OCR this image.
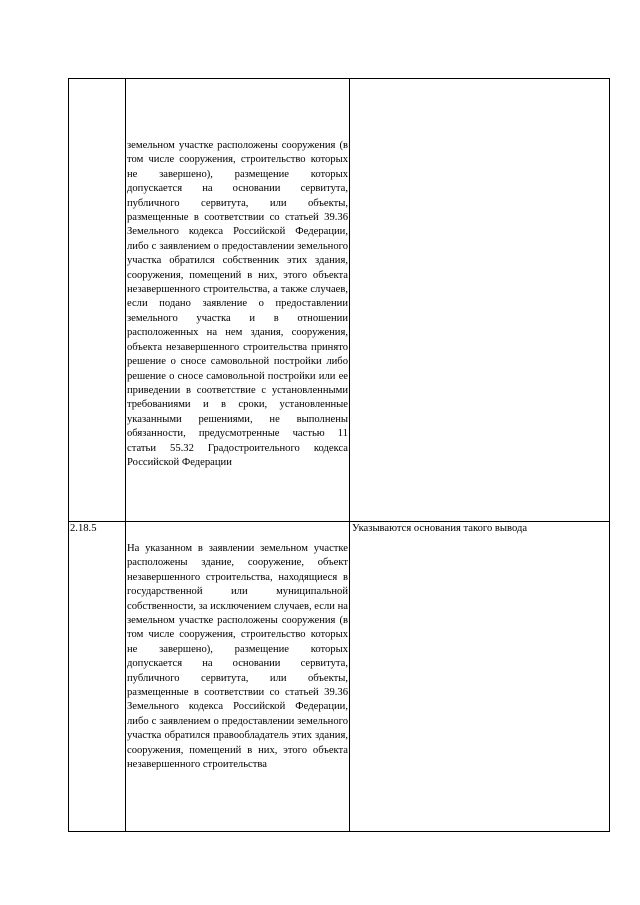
	земельном участке расположены сооружения (в том числе сооружения, строительство которых не завершено), размещение которых допускается на основании сервитута, публичного сервитута, или объекты, размещенные в соответствии со статьей 39.36 Земельного кодекса Российской Федерации, либо с заявлением о предоставлении земельного участка обратился собственник этих здания, сооружения, помещений в них, этого объекта незавершенного строительства, а также случаев, если подано заявление о предоставлении земельного участка и в отношении расположенных на нем здания, сооружения, объекта незавершенного строительства принято решение о сносе самовольной постройки либо решение о сносе самовольной постройки или ее приведении в соответствие с установленными требованиями и в сроки, установленные указанными решениями, не выполнены обязанности, предусмотренные частью 11 статьи 55.32 Градостроительного кодекса Российской Федерации	

2.18.5	На указанном в заявлении земельном участке расположены здание, сооружение, объект незавершенного строительства, находящиеся в государственной или муниципальной собственности, за исключением случаев, если на земельном участке расположены сооружения (в том числе сооружения, строительство которых не завершено), размещение которых допускается на основании сервитута, публичного сервитута, или объекты, размещенные в соответствии со статьей 39.36 Земельного кодекса Российской Федерации, либо с заявлением о предоставлении земельного участка обратился правообладатель этих здания, сооружения, помещений в них, этого объекта незавершенного строительства	Указываются основания такого вывода
